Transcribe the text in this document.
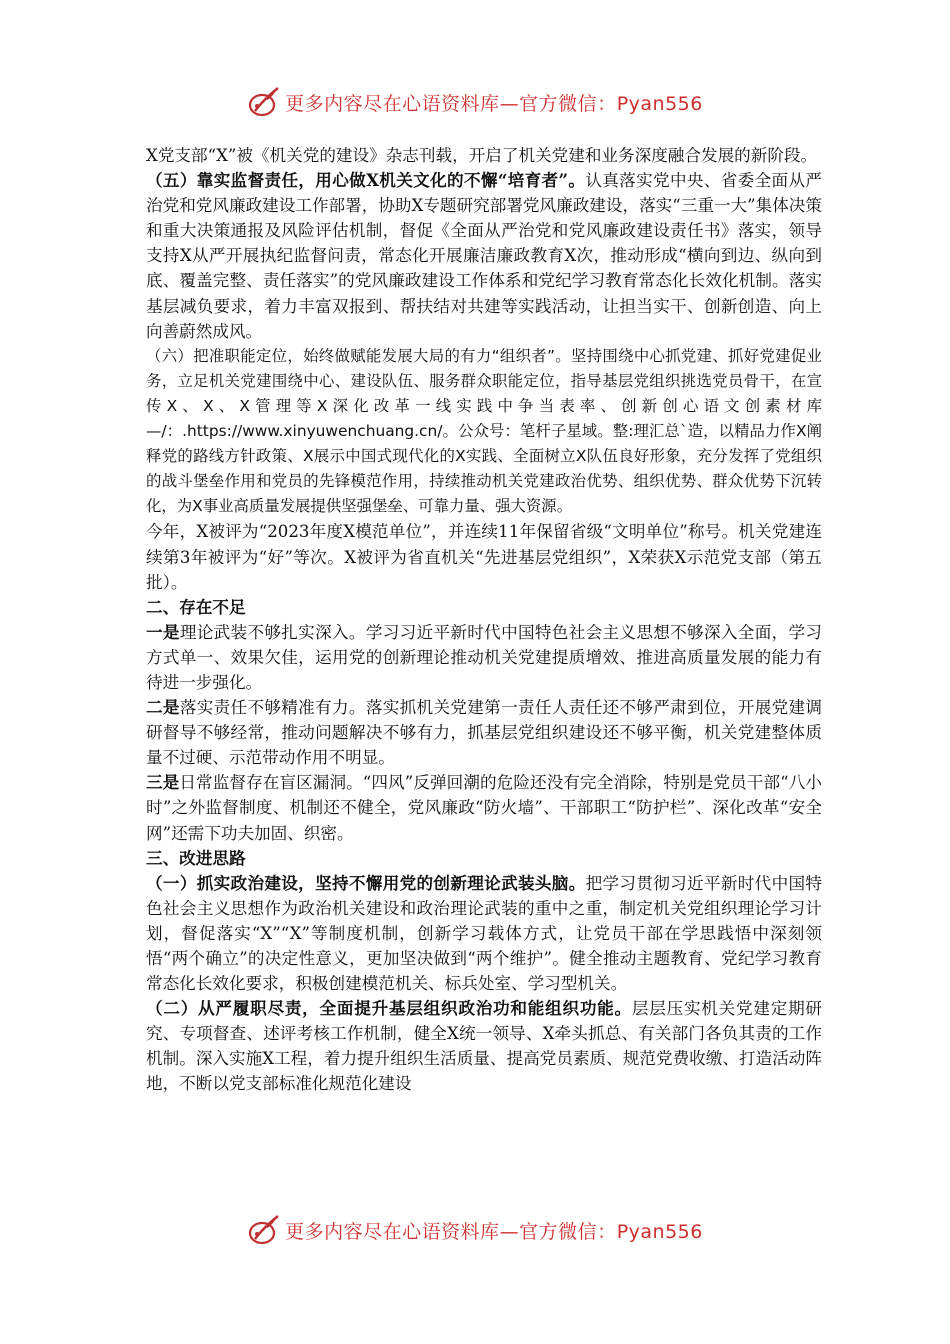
更多内容尽在心语资料库—官方微信：Pyan556

X党支部“X”被《机关党的建设》杂志刊载，开启了机关党建和业务深度融合发展的新阶段。

（五）靠实监督责任，用心做X机关文化的不懈“培育者”。认真落实党中央、省委全面从严治党和党风廉政建设工作部署，协助X专题研究部署党风廉政建设，落实“三重一大”集体决策和重大决策通报及风险评估机制，督促《全面从严治党和党风廉政建设责任书》落实，领导支持X从严开展执纪监督问责，常态化开展廉洁廉政教育X次，推动形成“横向到边、纵向到底、覆盖完整、责任落实”的党风廉政建设工作体系和党纪学习教育常态化长效化机制。落实基层减负要求，着力丰富双报到、帮扶结对共建等实践活动，让担当实干、创新创造、向上向善蔚然成风。

（六）把准职能定位，始终做赋能发展大局的有力“组织者”。坚持围绕中心抓党建、抓好党建促业务，立足机关党建围绕中心、建设队伍、服务群众职能定位，指导基层党组织挑选党员骨干，在宣传X、X、X管理等X深化改革一线实践中争当表率、创新创心语文创素材库—/：.https://www.xinyuwenchuang.cn/。公众号：笔杆子星域。整:理汇总`造，以精品力作X阐释党的路线方针政策、X展示中国式现代化的X实践、全面树立X队伍良好形象，充分发挥了党组织的战斗堡垒作用和党员的先锋模范作用，持续推动机关党建政治优势、组织优势、群众优势下沉转化，为X事业高质量发展提供坚强堡垒、可靠力量、强大资源。

今年，X被评为“2023年度X模范单位”，并连续11年保留省级“文明单位”称号。机关党建连续第3年被评为“好”等次。X被评为省直机关“先进基层党组织”，X荣获X示范党支部（第五批）。

二、存在不足

一是理论武装不够扎实深入。学习习近平新时代中国特色社会主义思想不够深入全面，学习方式单一、效果欠佳，运用党的创新理论推动机关党建提质增效、推进高质量发展的能力有待进一步强化。

二是落实责任不够精准有力。落实抓机关党建第一责任人责任还不够严肃到位，开展党建调研督导不够经常，推动问题解决不够有力，抓基层党组织建设还不够平衡，机关党建整体质量不过硬、示范带动作用不明显。

三是日常监督存在盲区漏洞。“四风”反弹回潮的危险还没有完全消除，特别是党员干部“八小时”之外监督制度、机制还不健全，党风廉政“防火墙”、干部职工“防护栏”、深化改革“安全网”还需下功夫加固、织密。

三、改进思路

（一）抓实政治建设，坚持不懈用党的创新理论武装头脑。把学习贯彻习近平新时代中国特色社会主义思想作为政治机关建设和政治理论武装的重中之重，制定机关党组织理论学习计划，督促落实“X”“X”等制度机制，创新学习载体方式，让党员干部在学思践悟中深刻领悟“两个确立”的决定性意义，更加坚决做到“两个维护”。健全推动主题教育、党纪学习教育常态化长效化要求，积极创建模范机关、标兵处室、学习型机关。

（二）从严履职尽责，全面提升基层组织政治功和能组织功能。层层压实机关党建定期研究、专项督查、述评考核工作机制，健全X统一领导、X牵头抓总、有关部门各负其责的工作机制。深入实施X工程，着力提升组织生活质量、提高党员素质、规范党费收缴、打造活动阵地，不断以党支部标准化规范化建设

更多内容尽在心语资料库—官方微信：Pyan556
